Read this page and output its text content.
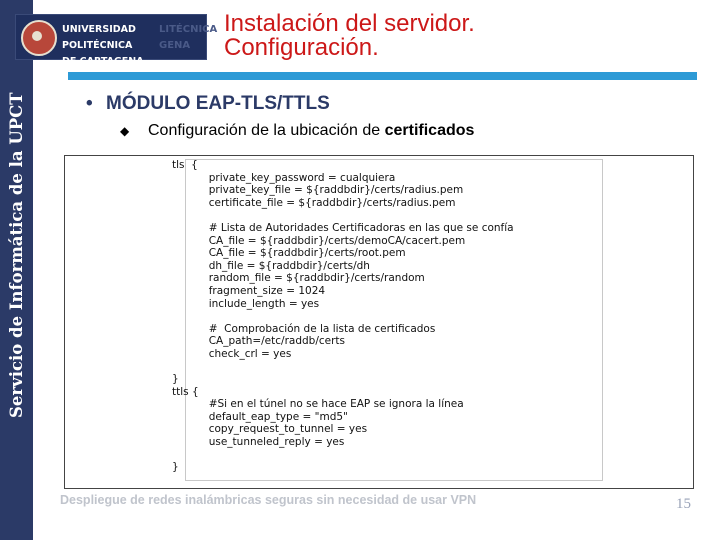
Servicio de Informática de la UPCT
LITÉCNICA
GENA
UNIVERSIDAD POLITÉCNICA
DE CARTAGENA
Instalación del servidor.
Configuración.
• MÓDULO EAP-TLS/TTLS
◆ Configuración de la ubicación de certificados
tls  {
private_key_password = cualquiera
private_key_file = ${raddbdir}/certs/radius.pem
certificate_file = ${raddbdir}/certs/radius.pem

# Lista de Autoridades Certificadoras en las que se confía
CA_file = ${raddbdir}/certs/demoCA/cacert.pem
CA_file = ${raddbdir}/certs/root.pem
dh_file = ${raddbdir}/certs/dh
random_file = ${raddbdir}/certs/random
fragment_size = 1024
include_length = yes

#  Comprobación de la lista de certificados
CA_path=/etc/raddb/certs
check_crl = yes

}
ttls {
#Si en el túnel no se hace EAP se ignora la línea
default_eap_type = "md5"
copy_request_to_tunnel = yes
use_tunneled_reply = yes

}
Despliegue de redes inalámbricas seguras sin necesidad de usar VPN	15
